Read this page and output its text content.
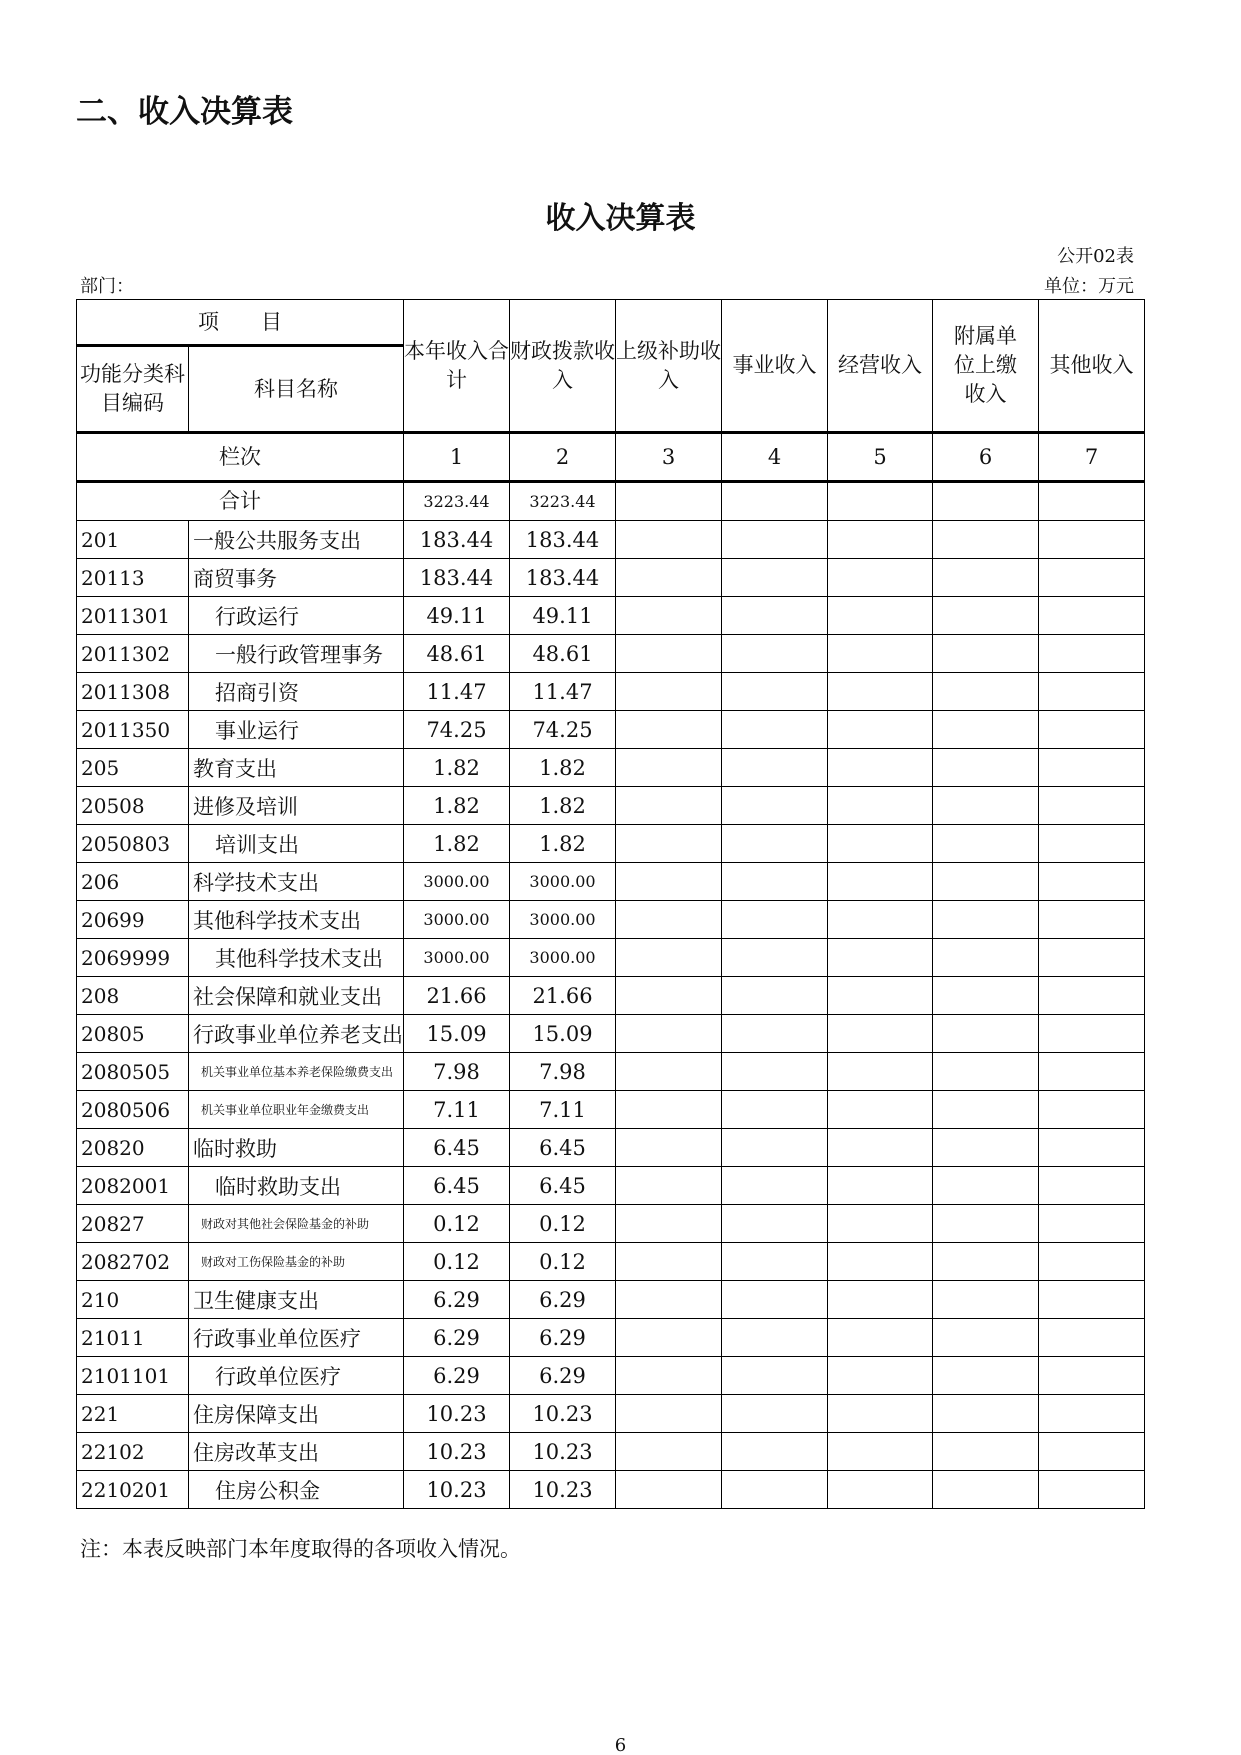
二、收入决算表
收入决算表
公开02表
部门：	单位：万元
项　　目		本年收入合计	财政拨款收入	上级补助收入	事业收入	经营收入	附属单位上缴收入	其他收入
功能分类科目编码	科目名称							
栏次		1	2	3	4	5	6	7
合计		3223.44	3223.44					
201	一般公共服务支出	183.44	183.44					
20113	商贸事务	183.44	183.44					
2011301	行政运行	49.11	49.11					
2011302	一般行政管理事务	48.61	48.61					
2011308	招商引资	11.47	11.47					
2011350	事业运行	74.25	74.25					
205	教育支出	1.82	1.82					
20508	进修及培训	1.82	1.82					
2050803	培训支出	1.82	1.82					
206	科学技术支出	3000.00	3000.00					
20699	其他科学技术支出	3000.00	3000.00					
2069999	其他科学技术支出	3000.00	3000.00					
208	社会保障和就业支出	21.66	21.66					
20805	行政事业单位养老支出	15.09	15.09					
2080505	机关事业单位基本养老保险缴费支出	7.98	7.98					
2080506	机关事业单位职业年金缴费支出	7.11	7.11					
20820	临时救助	6.45	6.45					
2082001	临时救助支出	6.45	6.45					
20827	财政对其他社会保险基金的补助	0.12	0.12					
2082702	财政对工伤保险基金的补助	0.12	0.12					
210	卫生健康支出	6.29	6.29					
21011	行政事业单位医疗	6.29	6.29					
2101101	行政单位医疗	6.29	6.29					
221	住房保障支出	10.23	10.23					
22102	住房改革支出	10.23	10.23					
2210201	住房公积金	10.23	10.23					
注：本表反映部门本年度取得的各项收入情况。
6
